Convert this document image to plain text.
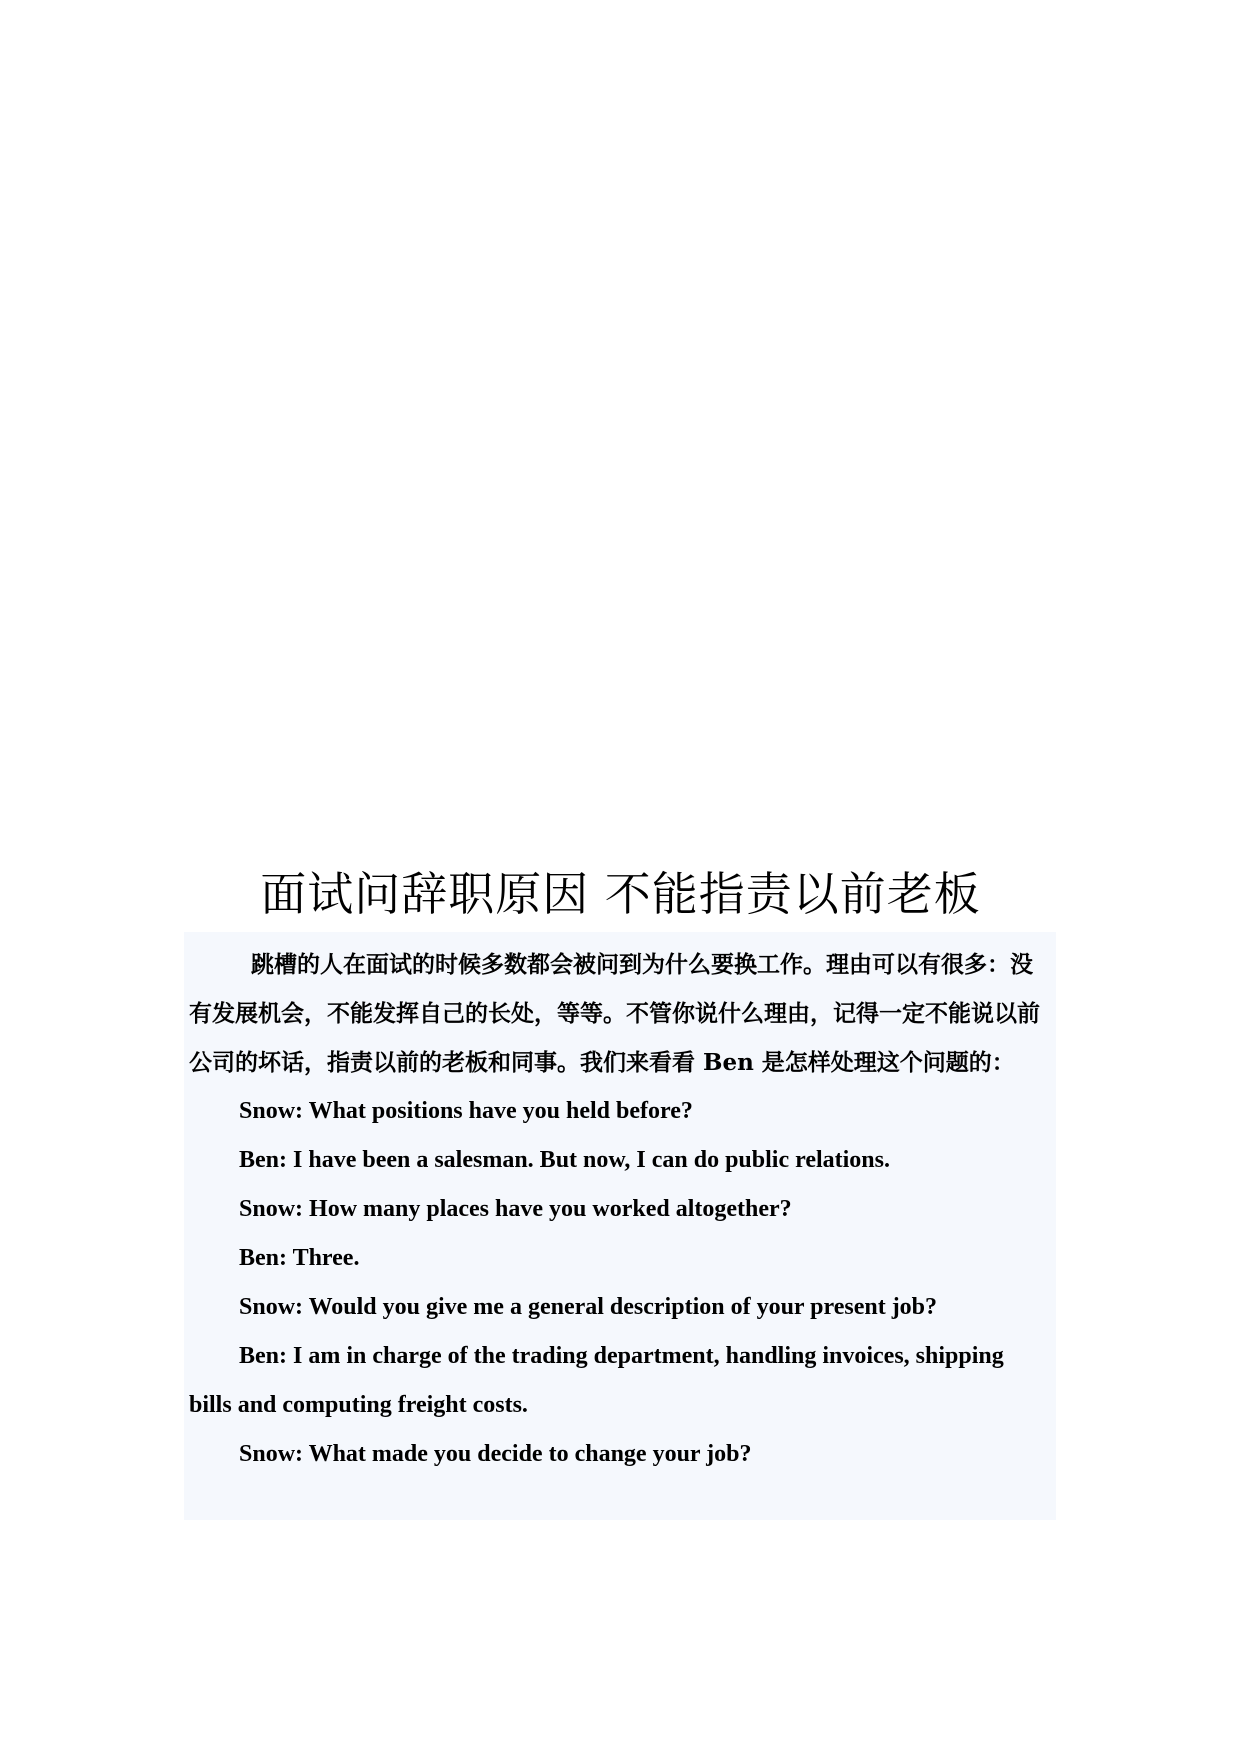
面试问辞职原因 不能指责以前老板

跳槽的人在面试的时候多数都会被问到为什么要换工作。理由可以有很多：没有发展机会，不能发挥自己的长处，等等。不管你说什么理由，记得一定不能说以前公司的坏话，指责以前的老板和同事。我们来看看 Ben 是怎样处理这个问题的：

Snow: What positions have you held before?

Ben: I have been a salesman. But now, I can do public relations.

Snow: How many places have you worked altogether?

Ben: Three.

Snow: Would you give me a general description of your present job?

Ben: I am in charge of the trading department, handling invoices, shipping bills and computing freight costs.

Snow: What made you decide to change your job?
